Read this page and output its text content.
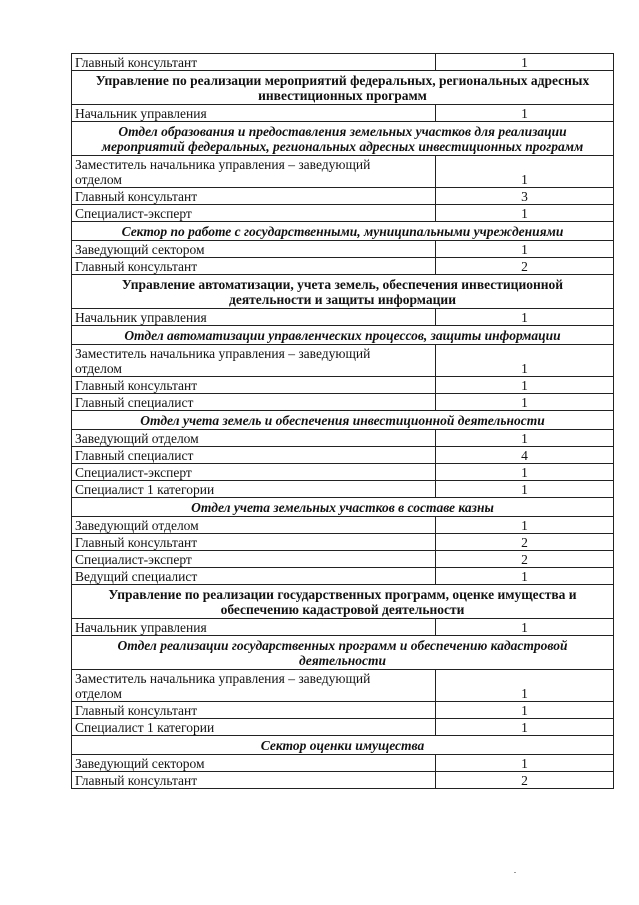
Главный консультант	1
Управление по реализации мероприятий федеральных, региональных адресных инвестиционных программ	
Начальник управления	1
Отдел образования и предоставления земельных участков для реализации мероприятий федеральных, региональных адресных инвестиционных программ	
Заместитель начальника управления – заведующий отделом	1
Главный консультант	3
Специалист-эксперт	1
Сектор по работе с государственными, муниципальными учреждениями	
Заведующий сектором	1
Главный консультант	2
Управление автоматизации, учета земель, обеспечения инвестиционной деятельности и защиты информации	
Начальник управления	1
Отдел автоматизации управленческих процессов, защиты информации	
Заместитель начальника управления – заведующий отделом	1
Главный консультант	1
Главный специалист	1
Отдел учета земель и обеспечения инвестиционной деятельности	
Заведующий отделом	1
Главный специалист	4
Специалист-эксперт	1
Специалист 1 категории	1
Отдел учета земельных участков в составе казны	
Заведующий отделом	1
Главный консультант	2
Специалист-эксперт	2
Ведущий специалист	1
Управление по реализации государственных программ, оценке имущества и обеспечению кадастровой деятельности	
Начальник управления	1
Отдел реализации государственных программ и обеспечению кадастровой деятельности	
Заместитель начальника управления – заведующий отделом	1
Главный консультант	1
Специалист 1 категории	1
Сектор оценки имущества	
Заведующий сектором	1
Главный консультант	2
